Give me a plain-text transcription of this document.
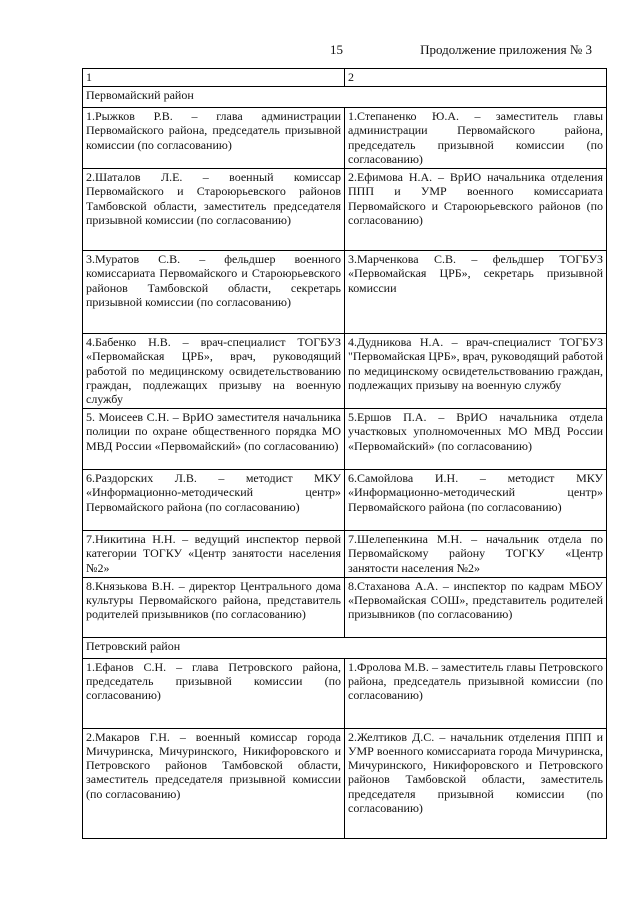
15	Продолжение приложения № 3
1	2
Первомайский район	
1.Рыжков Р.В. – глава администрации Первомайского района, председатель призывной комиссии (по согласованию)	1.Степаненко Ю.А. – заместитель главы администрации Первомайского района, председатель призывной комиссии (по согласованию)
2.Шаталов Л.Е. – военный комиссар Первомайского и Староюрьевского районов Тамбовской области, заместитель председателя призывной комиссии (по согласованию)	2.Ефимова Н.А. – ВрИО начальника отделения ППП и УМР военного комиссариата Первомайского и Староюрьевского районов (по согласованию)
3.Муратов С.В. – фельдшер военного комиссариата Первомайского и Староюрьевского районов Тамбовской области, секретарь призывной комиссии (по согласованию)	3.Марченкова С.В. – фельдшер ТОГБУЗ «Первомайская ЦРБ», секретарь призывной комиссии
4.Бабенко Н.В. – врач-специалист ТОГБУЗ «Первомайская ЦРБ», врач, руководящий работой по медицинскому освидетельствованию граждан, подлежащих призыву на военную службу	4.Дудникова Н.А. – врач-специалист ТОГБУЗ "Первомайская ЦРБ», врач, руководящий работой по медицинскому освидетельствованию граждан, подлежащих призыву на военную службу
5. Моисеев С.Н. – ВрИО заместителя начальника полиции по охране общественного порядка МО МВД России «Первомайский» (по согласованию)	5.Ершов П.А. – ВрИО начальника отдела участковых уполномоченных МО МВД России «Первомайский» (по согласованию)
6.Раздорских Л.В. – методист МКУ «Информационно-методический центр» Первомайского района (по согласованию)	6.Самойлова И.Н. – методист МКУ «Информационно-методический центр» Первомайского района (по согласованию)
7.Никитина Н.Н. – ведущий инспектор первой категории ТОГКУ «Центр занятости населения №2»	7.Шелепенкина М.Н. – начальник отдела по Первомайскому району ТОГКУ «Центр занятости населения №2»
8.Князькова В.Н. – директор Центрального дома культуры Первомайского района, представитель родителей призывников (по согласованию)	8.Стаханова А.А. – инспектор по кадрам МБОУ «Первомайская СОШ», представитель родителей призывников (по согласованию)
Петровский район	
1.Ефанов С.Н. – глава Петровского района, председатель призывной комиссии (по согласованию)	1.Фролова М.В. – заместитель главы Петровского района, председатель призывной комиссии (по согласованию)
2.Макаров Г.Н. – военный комиссар города Мичуринска, Мичуринского, Никифоровского и Петровского районов Тамбовской области, заместитель председателя призывной комиссии (по согласованию)	2.Желтиков Д.С. – начальник отделения ППП и УМР военного комиссариата города Мичуринска, Мичуринского, Никифоровского и Петровского районов Тамбовской области, заместитель председателя призывной комиссии (по согласованию)
